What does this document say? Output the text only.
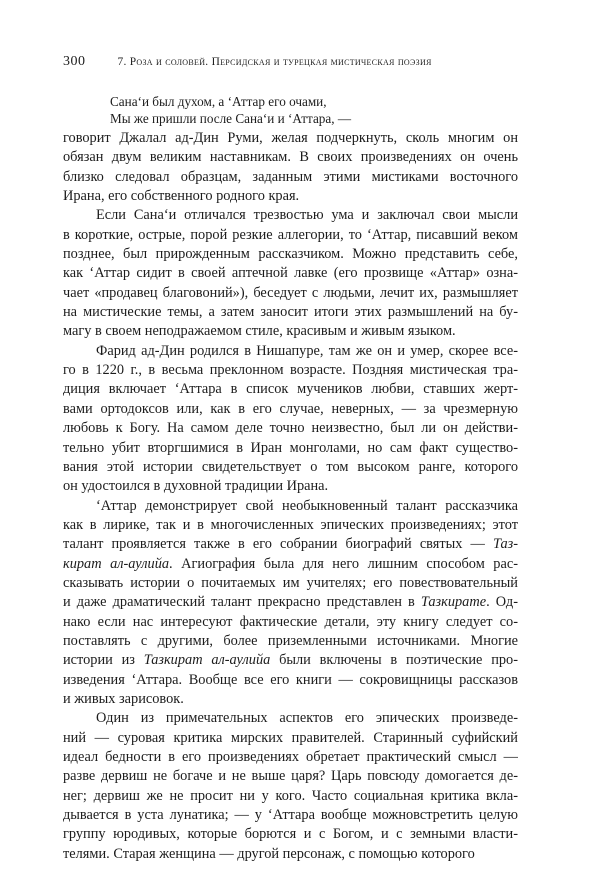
300	7. Роза и соловей. Персидская и турецкая мистическая поэзия
Сана‘и был духом, а ‘Аттар его очами,
Мы же пришли после Сана‘и и ‘Аттара, —
говорит Джалал ад-Дин Руми, желая подчеркнуть, сколь многим он
обязан двум великим наставникам. В своих произведениях он очень
близко следовал образцам, заданным этими мистиками восточного
Ирана, его собственного родного края.
Если Сана‘и отличался трезвостью ума и заключал свои мысли
в короткие, острые, порой резкие аллегории, то ‘Аттар, писавший веком
позднее, был прирожденным рассказчиком. Можно представить себе,
как ‘Аттар сидит в своей аптечной лавке (его прозвище «Аттар» озна-
чает «продавец благовоний»), беседует с людьми, лечит их, размышляет
на мистические темы, а затем заносит итоги этих размышлений на бу-
магу в своем неподражаемом стиле, красивым и живым языком.
Фарид ад-Дин родился в Нишапуре, там же он и умер, скорее все-
го в 1220 г., в весьма преклонном возрасте. Поздняя мистическая тра-
диция включает ‘Аттара в список мучеников любви, ставших жерт-
вами ортодоксов или, как в его случае, неверных, — за чрезмерную
любовь к Богу. На самом деле точно неизвестно, был ли он действи-
тельно убит вторгшимися в Иран монголами, но сам факт существо-
вания этой истории свидетельствует о том высоком ранге, которого
он удостоился в духовной традиции Ирана.
‘Аттар демонстрирует свой необыкновенный талант рассказчика
как в лирике, так и в многочисленных эпических произведениях; этот
талант проявляется также в его собрании биографий святых — Таз-
кират ал-аулийа. Агиография была для него лишним способом рас-
сказывать истории о почитаемых им учителях; его повествовательный
и даже драматический талант прекрасно представлен в Тазкирате. Од-
нако если нас интересуют фактические детали, эту книгу следует со-
поставлять с другими, более приземленными источниками. Многие
истории из Тазкират ал-аулийа были включены в поэтические про-
изведения ‘Аттара. Вообще все его книги — сокровищницы рассказов
и живых зарисовок.
Один из примечательных аспектов его эпических произведе-
ний — суровая критика мирских правителей. Старинный суфийский
идеал бедности в его произведениях обретает практический смысл —
разве дервиш не богаче и не выше царя? Царь повсюду домогается де-
нег; дервиш же не просит ни у кого. Часто социальная критика вкла-
дывается в уста лунатика; — у ‘Аттара вообще можновстретить целую
группу юродивых, которые борются и с Богом, и с земными власти-
телями. Старая женщина — другой персонаж, с помощью которого
